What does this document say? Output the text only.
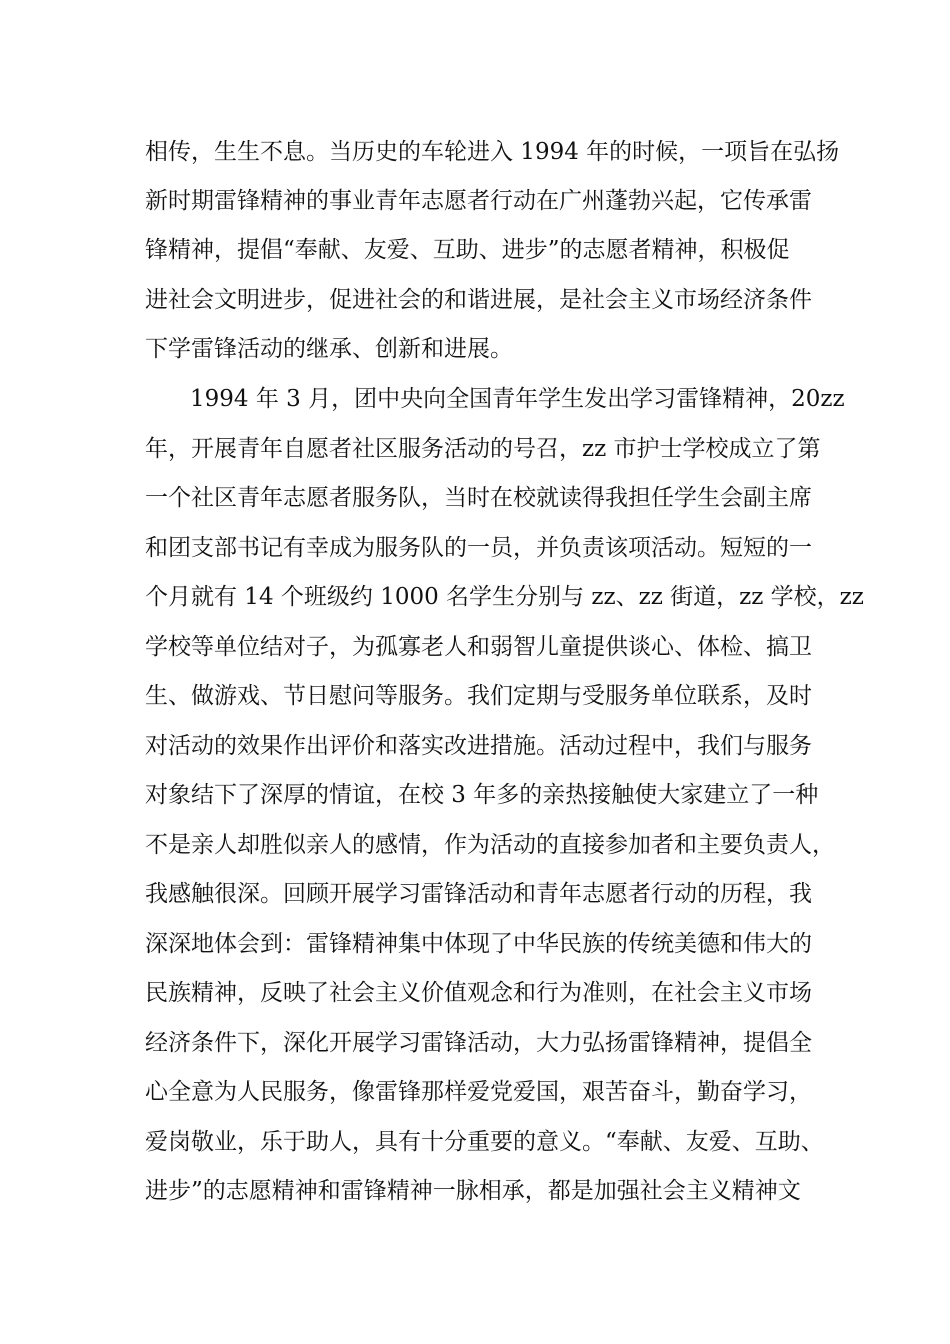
相传，生生不息。当历史的车轮进入 1994 年的时候，一项旨在弘扬
新时期雷锋精神的事业青年志愿者行动在广州蓬勃兴起，它传承雷
锋精神，提倡“奉献、友爱、互助、进步”的志愿者精神，积极促
进社会文明进步，促进社会的和谐进展，是社会主义市场经济条件
下学雷锋活动的继承、创新和进展。
1994 年 3 月，团中央向全国青年学生发出学习雷锋精神，20zz
年，开展青年自愿者社区服务活动的号召，zz 市护士学校成立了第
一个社区青年志愿者服务队，当时在校就读得我担任学生会副主席
和团支部书记有幸成为服务队的一员，并负责该项活动。短短的一
个月就有 14 个班级约 1000 名学生分别与 zz、zz 街道，zz 学校，zz
学校等单位结对子，为孤寡老人和弱智儿童提供谈心、体检、搞卫
生、做游戏、节日慰问等服务。我们定期与受服务单位联系，及时
对活动的效果作出评价和落实改进措施。活动过程中，我们与服务
对象结下了深厚的情谊，在校 3 年多的亲热接触使大家建立了一种
不是亲人却胜似亲人的感情，作为活动的直接参加者和主要负责人，
我感触很深。回顾开展学习雷锋活动和青年志愿者行动的历程，我
深深地体会到：雷锋精神集中体现了中华民族的传统美德和伟大的
民族精神，反映了社会主义价值观念和行为准则，在社会主义市场
经济条件下，深化开展学习雷锋活动，大力弘扬雷锋精神，提倡全
心全意为人民服务，像雷锋那样爱党爱国，艰苦奋斗，勤奋学习，
爱岗敬业，乐于助人，具有十分重要的意义。“奉献、友爱、互助、
进步”的志愿精神和雷锋精神一脉相承，都是加强社会主义精神文
